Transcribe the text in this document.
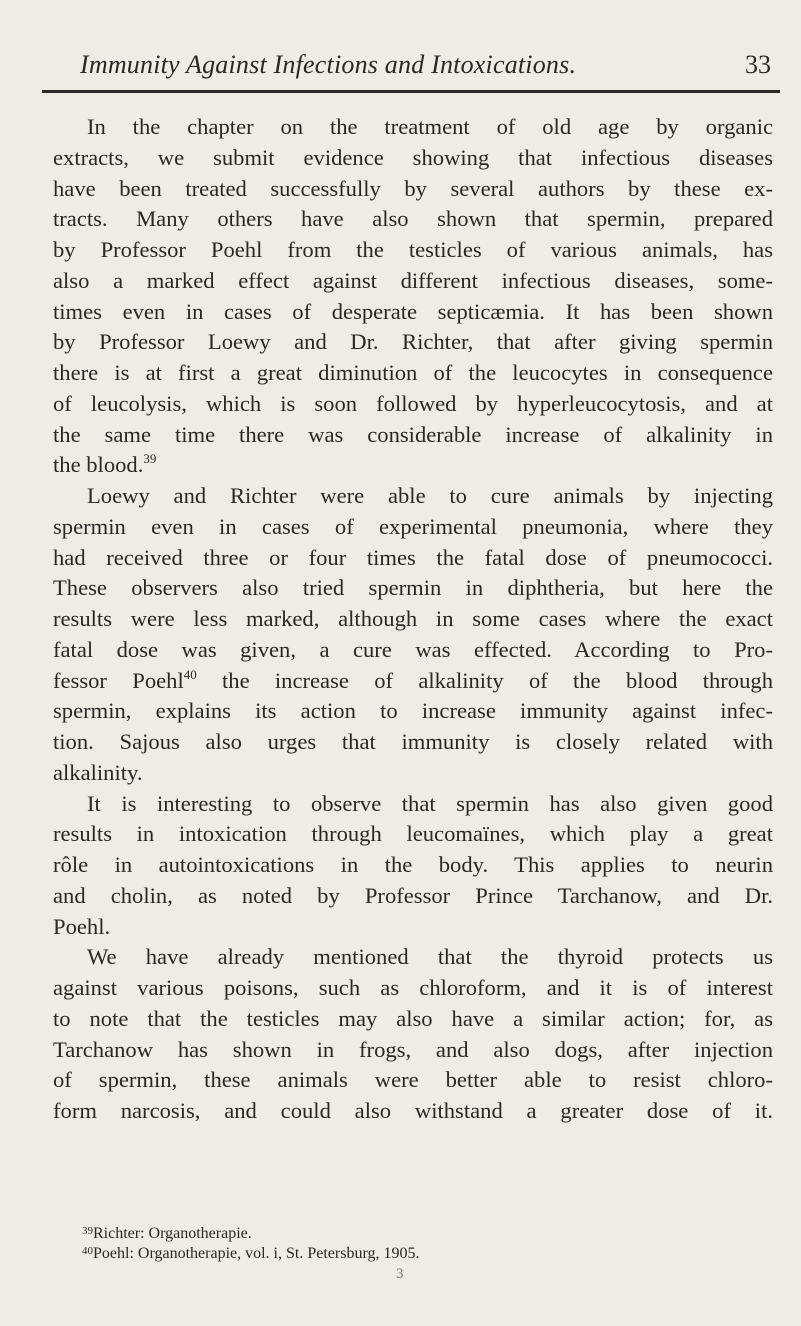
Immunity Against Infections and Intoxications.	33
In the chapter on the treatment of old age by organic
extracts, we submit evidence showing that infectious diseases
have been treated successfully by several authors by these ex-
tracts. Many others have also shown that spermin, prepared
by Professor Poehl from the testicles of various animals, has
also a marked effect against different infectious diseases, some-
times even in cases of desperate septicæmia. It has been shown
by Professor Loewy and Dr. Richter, that after giving spermin
there is at first a great diminution of the leucocytes in consequence
of leucolysis, which is soon followed by hyperleucocytosis, and at
the same time there was considerable increase of alkalinity in
the blood.$^{39}$
Loewy and Richter were able to cure animals by injecting
spermin even in cases of experimental pneumonia, where they
had received three or four times the fatal dose of pneumococci.
These observers also tried spermin in diphtheria, but here the
results were less marked, although in some cases where the exact
fatal dose was given, a cure was effected. According to Pro-
fessor Poehl$^{40}$ the increase of alkalinity of the blood through
spermin, explains its action to increase immunity against infec-
tion. Sajous also urges that immunity is closely related with
alkalinity.
It is interesting to observe that spermin has also given good
results in intoxication through leucomaïnes, which play a great
rôle in autointoxications in the body. This applies to neurin
and cholin, as noted by Professor Prince Tarchanow, and Dr.
Poehl.
We have already mentioned that the thyroid protects us
against various poisons, such as chloroform, and it is of interest
to note that the testicles may also have a similar action; for, as
Tarchanow has shown in frogs, and also dogs, after injection
of spermin, these animals were better able to resist chloro-
form narcosis, and could also withstand a greater dose of it.
$^{39}$Richter: Organotherapie.
$^{40}$Poehl: Organotherapie, vol. i, St. Petersburg, 1905.
3
